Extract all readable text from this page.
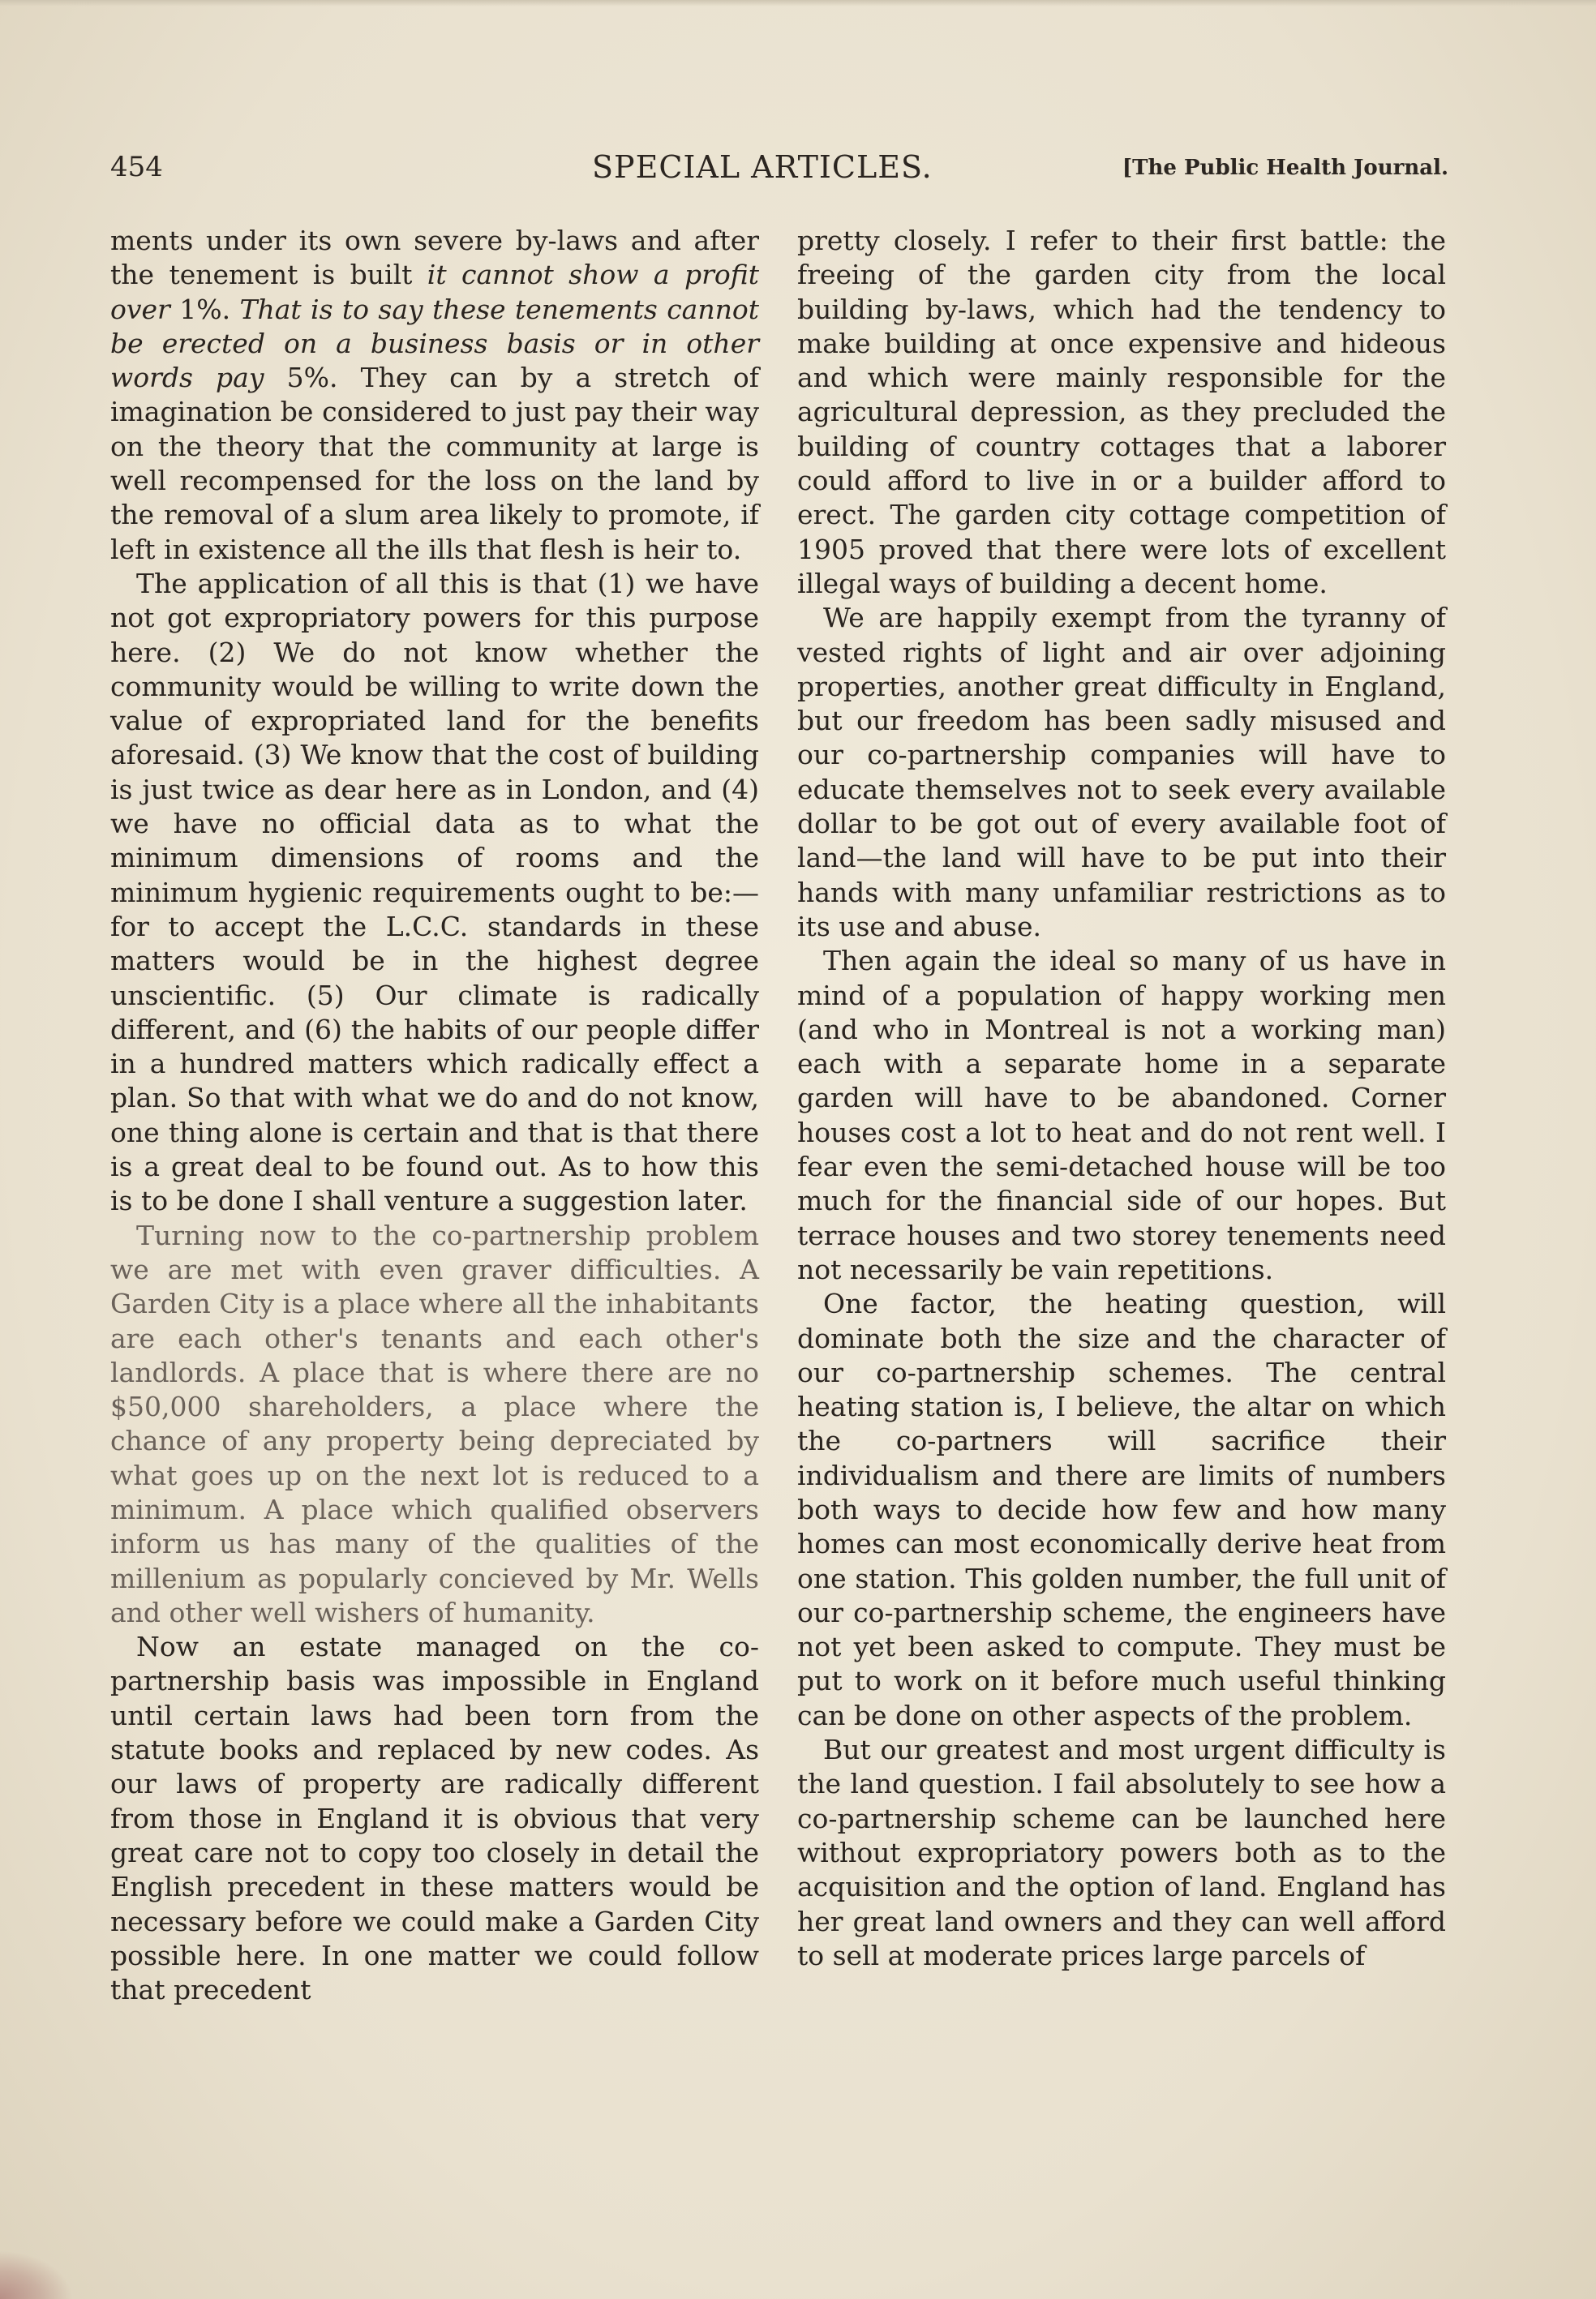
454	SPECIAL ARTICLES.	[The Public Health Journal.

ments under its own severe by-laws and after the tenement is built it cannot show a profit over 1%. That is to say these tenements cannot be erected on a business basis or in other words pay 5%. They can by a stretch of imagination be considered to just pay their way on the theory that the community at large is well recompensed for the loss on the land by the removal of a slum area likely to promote, if left in existence all the ills that flesh is heir to.

The application of all this is that (1) we have not got expropriatory powers for this purpose here. (2) We do not know whether the community would be willing to write down the value of expropriated land for the benefits aforesaid. (3) We know that the cost of building is just twice as dear here as in London, and (4) we have no official data as to what the minimum dimensions of rooms and the minimum hygienic requirements ought to be:— for to accept the L.C.C. standards in these matters would be in the highest degree unscientific. (5) Our climate is radically different, and (6) the habits of our people differ in a hundred matters which radically effect a plan. So that with what we do and do not know, one thing alone is certain and that is that there is a great deal to be found out. As to how this is to be done I shall venture a suggestion later.

Turning now to the co-partnership problem we are met with even graver difficulties. A Garden City is a place where all the inhabitants are each other's tenants and each other's landlords. A place that is where there are no $50,000 shareholders, a place where the chance of any property being depreciated by what goes up on the next lot is reduced to a minimum. A place which qualified observers inform us has many of the qualities of the millenium as popularly concieved by Mr. Wells and other well wishers of humanity.

Now an estate managed on the co-partnership basis was impossible in England until certain laws had been torn from the statute books and replaced by new codes. As our laws of property are radically different from those in England it is obvious that very great care not to copy too closely in detail the English precedent in these matters would be necessary before we could make a Garden City possible here. In one matter we could follow that precedent

pretty closely. I refer to their first battle: the freeing of the garden city from the local building by-laws, which had the tendency to make building at once expensive and hideous and which were mainly responsible for the agricultural depression, as they precluded the building of country cottages that a laborer could afford to live in or a builder afford to erect. The garden city cottage competition of 1905 proved that there were lots of excellent illegal ways of building a decent home.

We are happily exempt from the tyranny of vested rights of light and air over adjoining properties, another great difficulty in England, but our freedom has been sadly misused and our co-partnership companies will have to educate themselves not to seek every available dollar to be got out of every available foot of land—the land will have to be put into their hands with many unfamiliar restrictions as to its use and abuse.

Then again the ideal so many of us have in mind of a population of happy working men (and who in Montreal is not a working man) each with a separate home in a separate garden will have to be abandoned. Corner houses cost a lot to heat and do not rent well. I fear even the semi-detached house will be too much for the financial side of our hopes. But terrace houses and two storey tenements need not necessarily be vain repetitions.

One factor, the heating question, will dominate both the size and the character of our co-partnership schemes. The central heating station is, I believe, the altar on which the co-partners will sacrifice their individualism and there are limits of numbers both ways to decide how few and how many homes can most economically derive heat from one station. This golden number, the full unit of our co-partnership scheme, the engineers have not yet been asked to compute. They must be put to work on it before much useful thinking can be done on other aspects of the problem.

But our greatest and most urgent difficulty is the land question. I fail absolutely to see how a co-partnership scheme can be launched here without expropriatory powers both as to the acquisition and the option of land. England has her great land owners and they can well afford to sell at moderate prices large parcels of
